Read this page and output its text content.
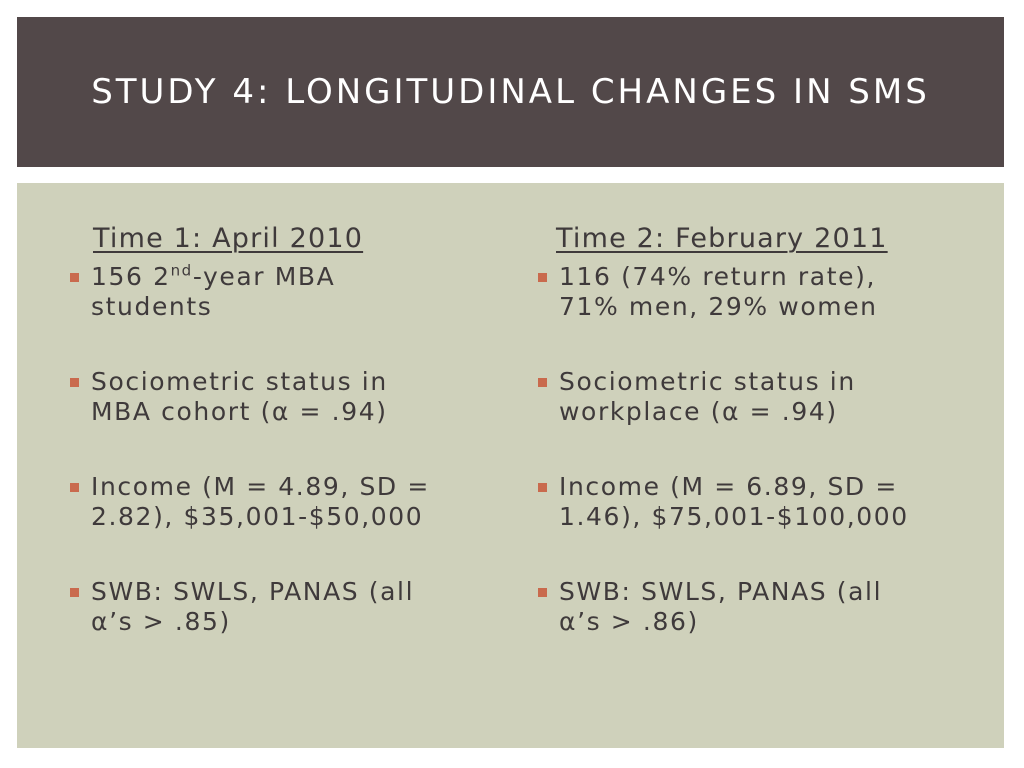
STUDY 4: LONGITUDINAL CHANGES IN SMS
Time 1: April 2010
156 2nd-year MBA
students
Sociometric status in
MBA cohort (α = .94)
Income (M = 4.89, SD =
2.82), $35,001-$50,000
SWB: SWLS, PANAS (all
α’s > .85)
Time 2: February 2011
116 (74% return rate),
71% men, 29% women
Sociometric status in
workplace (α = .94)
Income (M = 6.89, SD =
1.46), $75,001-$100,000
SWB: SWLS, PANAS (all
α’s > .86)
